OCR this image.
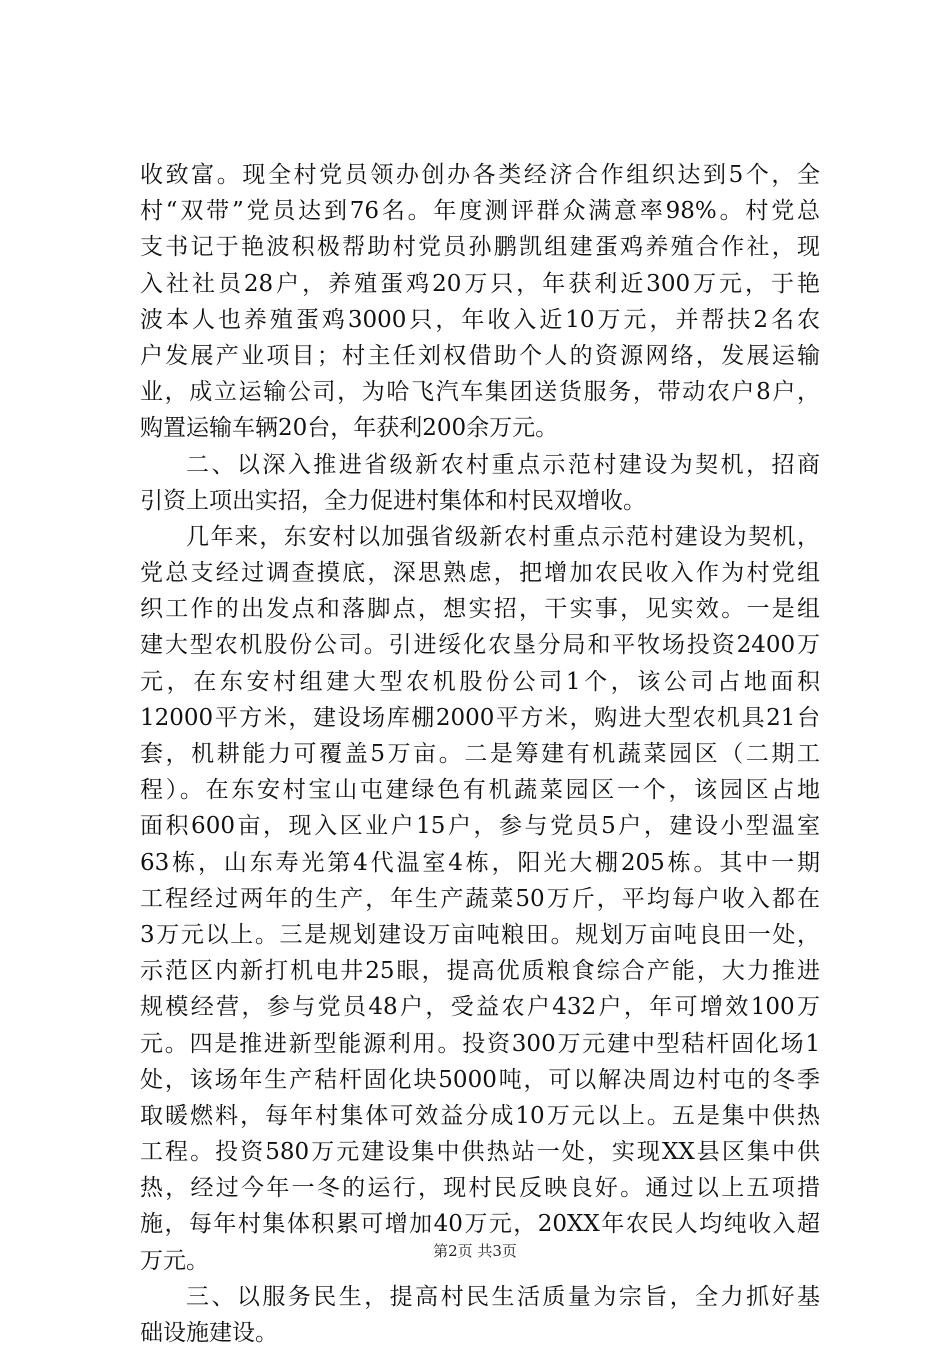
收致富。现全村党员领办创办各类经济合作组织达到5个，全
村“双带”党员达到76名。年度测评群众满意率98%。村党总
支书记于艳波积极帮助村党员孙鹏凯组建蛋鸡养殖合作社，现
入社社员28户，养殖蛋鸡20万只，年获利近300万元，于艳
波本人也养殖蛋鸡3000只，年收入近10万元，并帮扶2名农
户发展产业项目；村主任刘权借助个人的资源网络，发展运输
业，成立运输公司，为哈飞汽车集团送货服务，带动农户8户，
购置运输车辆20台，年获利200余万元。
二、以深入推进省级新农村重点示范村建设为契机，招商
引资上项出实招，全力促进村集体和村民双增收。
几年来，东安村以加强省级新农村重点示范村建设为契机，
党总支经过调查摸底，深思熟虑，把增加农民收入作为村党组
织工作的出发点和落脚点，想实招，干实事，见实效。一是组
建大型农机股份公司。引进绥化农垦分局和平牧场投资2400万
元，在东安村组建大型农机股份公司1个，该公司占地面积
12000平方米，建设场库棚2000平方米，购进大型农机具21台
套，机耕能力可覆盖5万亩。二是筹建有机蔬菜园区（二期工
程）。在东安村宝山屯建绿色有机蔬菜园区一个，该园区占地
面积600亩，现入区业户15户，参与党员5户，建设小型温室
63栋，山东寿光第4代温室4栋，阳光大棚205栋。其中一期
工程经过两年的生产，年生产蔬菜50万斤，平均每户收入都在
3万元以上。三是规划建设万亩吨粮田。规划万亩吨良田一处，
示范区内新打机电井25眼，提高优质粮食综合产能，大力推进
规模经营，参与党员48户，受益农户432户，年可增效100万
元。四是推进新型能源利用。投资300万元建中型秸杆固化场1
处，该场年生产秸杆固化块5000吨，可以解决周边村屯的冬季
取暖燃料，每年村集体可效益分成10万元以上。五是集中供热
工程。投资580万元建设集中供热站一处，实现XX县区集中供
热，经过今年一冬的运行，现村民反映良好。通过以上五项措
施，每年村集体积累可增加40万元，20XX年农民人均纯收入超
万元。
三、以服务民生，提高村民生活质量为宗旨，全力抓好基
础设施建设。
第2页 共3页
